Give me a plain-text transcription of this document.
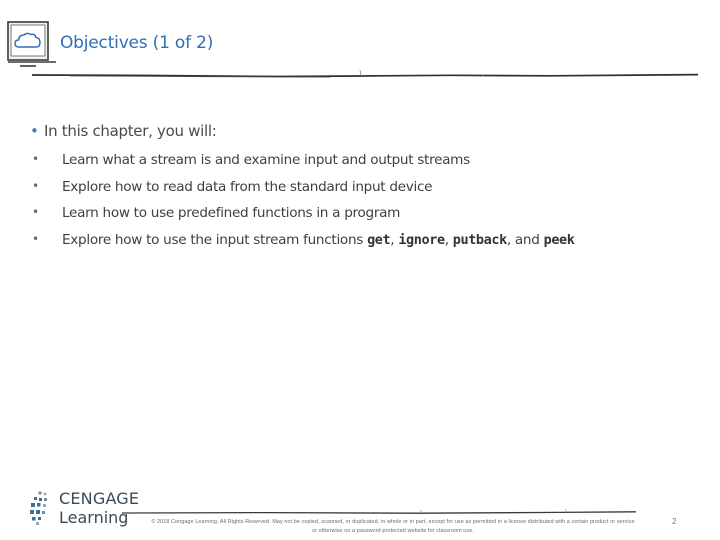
Objectives (1 of 2)
• In this chapter, you will:
• Learn what a stream is and examine input and output streams
• Explore how to read data from the standard input device
• Learn how to use predefined functions in a program
• Explore how to use the input stream functions get, ignore, putback, and peek
CENGAGE
Learning	© 2018 Cengage Learning. All Rights Reserved. May not be copied, scanned, or duplicated, in whole or in part, except for use as permitted in a license distributed with a certain product or service
or otherwise on a password-protected website for classroom use.
2
